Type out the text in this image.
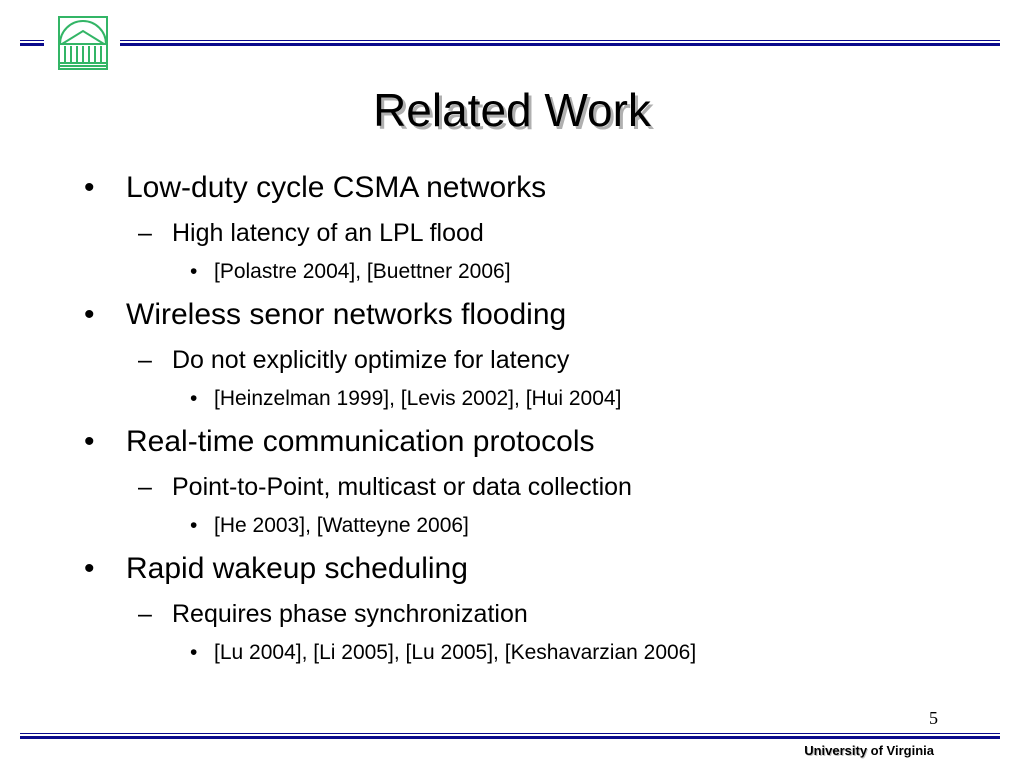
Related Work
• Low-duty cycle CSMA networks
– High latency of an LPL flood
• [Polastre 2004], [Buettner 2006]
• Wireless senor networks flooding
– Do not explicitly optimize for latency
• [Heinzelman 1999], [Levis 2002], [Hui 2004]
• Real-time communication protocols
– Point-to-Point, multicast or data collection
• [He 2003], [Watteyne 2006]
• Rapid wakeup scheduling
– Requires phase synchronization
• [Lu 2004], [Li 2005], [Lu 2005], [Keshavarzian 2006]
5
University of Virginia
